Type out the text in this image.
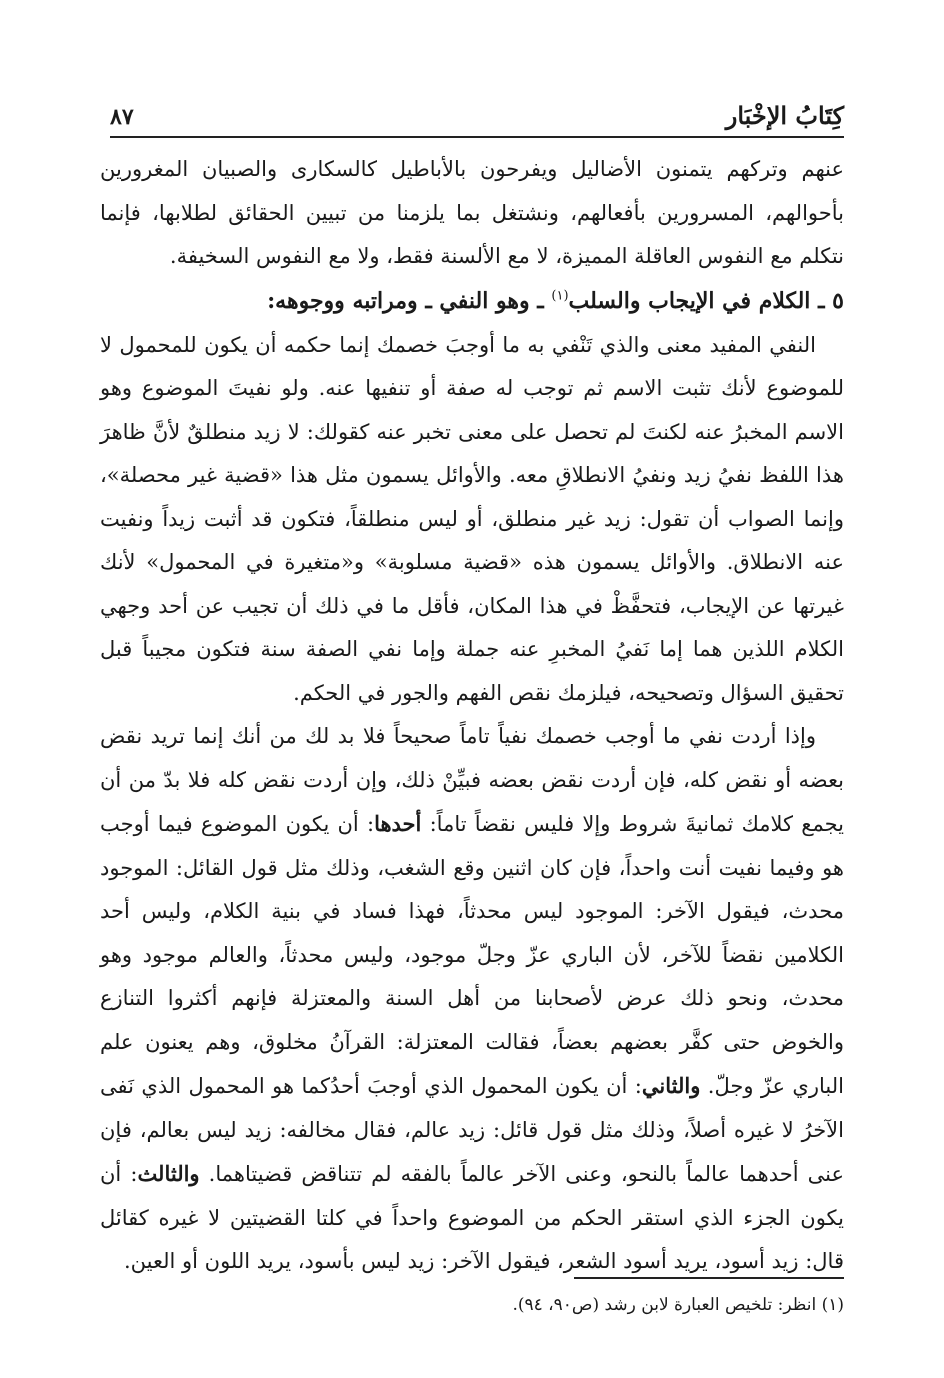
كِتَابُ الإخْبَار
٨٧

عنهم وتركهم يتمنون الأضاليل ويفرحون بالأباطيل كالسكارى والصبيان المغرورين بأحوالهم، المسرورين بأفعالهم، ونشتغل بما يلزمنا من تبيين الحقائق لطلابها، فإنما نتكلم مع النفوس العاقلة المميزة، لا مع الألسنة فقط، ولا مع النفوس السخيفة.

٥ ـ الكلام في الإيجاب والسلب$^{(١)}$ ـ وهو النفي ـ ومراتبه ووجوهه:

النفي المفيد معنى والذي تَنْفي به ما أوجبَ خصمك إنما حكمه أن يكون للمحمول لا للموضوع لأنك تثبت الاسم ثم توجب له صفة أو تنفيها عنه. ولو نفيتَ الموضوع وهو الاسم المخبرُ عنه لكنتَ لم تحصل على معنى تخبر عنه كقولك: لا زيد منطلقٌ لأنَّ ظاهرَ هذا اللفظ نفيُ زيد ونفيُ الانطلاقِ معه. والأوائل يسمون مثل هذا «قضية غير محصلة»، وإنما الصواب أن تقول: زيد غير منطلق، أو ليس منطلقاً، فتكون قد أثبت زيداً ونفيت عنه الانطلاق. والأوائل يسمون هذه «قضية مسلوبة» و«متغيرة في المحمول» لأنك غيرتها عن الإيجاب، فتحفَّظْ في هذا المكان، فأقل ما في ذلك أن تجيب عن أحد وجهي الكلام اللذين هما إما نَفيُ المخبرِ عنه جملة وإما نفي الصفة سنة فتكون مجيباً قبل تحقيق السؤال وتصحيحه، فيلزمك نقص الفهم والجور في الحكم.

وإذا أردت نفي ما أوجب خصمك نفياً تاماً صحيحاً فلا بد لك من أنك إنما تريد نقض بعضه أو نقض كله، فإن أردت نقض بعضه فبيِّنْ ذلك، وإن أردت نقض كله فلا بدّ من أن يجمع كلامك ثمانيةَ شروط وإلا فليس نقضاً تاماً: أحدها: أن يكون الموضوع فيما أوجب هو وفيما نفيت أنت واحداً، فإن كان اثنين وقع الشغب، وذلك مثل قول القائل: الموجود محدث، فيقول الآخر: الموجود ليس محدثاً، فهذا فساد في بنية الكلام، وليس أحد الكلامين نقضاً للآخر، لأن الباري عزّ وجلّ موجود، وليس محدثاً، والعالم موجود وهو محدث، ونحو ذلك عرض لأصحابنا من أهل السنة والمعتزلة فإنهم أكثروا التنازع والخوض حتى كفَّر بعضهم بعضاً، فقالت المعتزلة: القرآنُ مخلوق، وهم يعنون علم الباري عزّ وجلّ. والثاني: أن يكون المحمول الذي أوجبَ أحدُكما هو المحمول الذي نَفى الآخرُ لا غيره أصلاً، وذلك مثل قول قائل: زيد عالم، فقال مخالفه: زيد ليس بعالم، فإن عنى أحدهما عالماً بالنحو، وعنى الآخر عالماً بالفقه لم تتناقض قضيتاهما. والثالث: أن يكون الجزء الذي استقر الحكم من الموضوع واحداً في كلتا القضيتين لا غيره كقائل قال: زيد أسود، يريد أسود الشعر، فيقول الآخر: زيد ليس بأسود، يريد اللون أو العين.

(١) انظر: تلخيص العبارة لابن رشد (ص٩٠، ٩٤).
